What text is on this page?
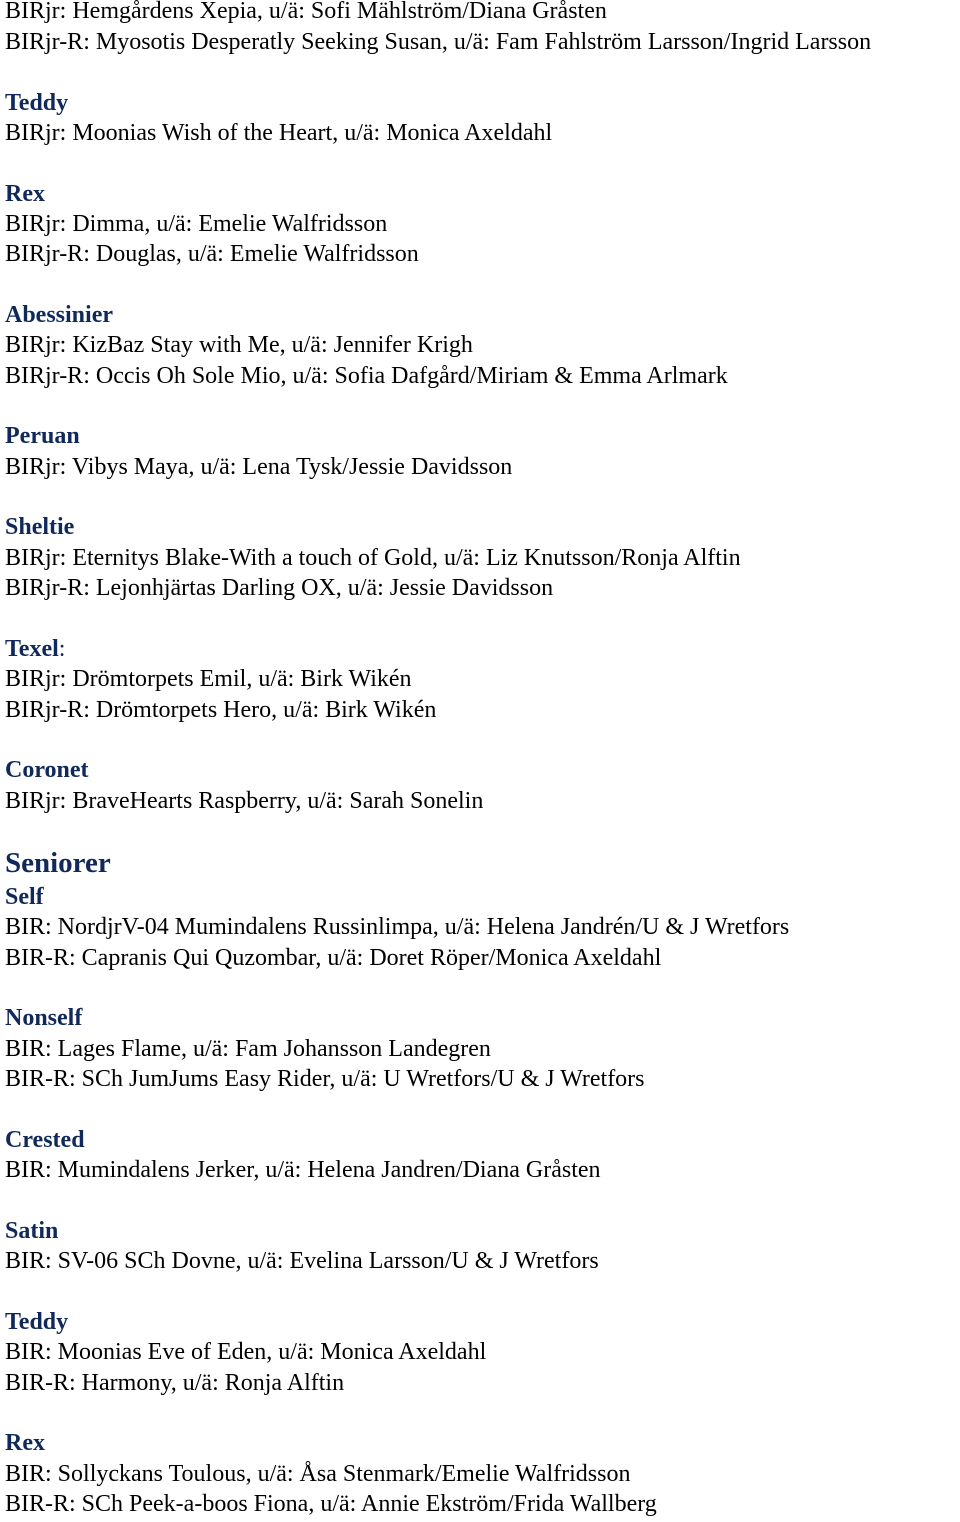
BIRjr: Hemgårdens Xepia, u/ä: Sofi Mählström/Diana Gråsten
BIRjr-R: Myosotis Desperatly Seeking Susan, u/ä: Fam Fahlström Larsson/Ingrid Larsson
Teddy
BIRjr: Moonias Wish of the Heart, u/ä: Monica Axeldahl
Rex
BIRjr: Dimma, u/ä: Emelie Walfridsson
BIRjr-R: Douglas, u/ä: Emelie Walfridsson
Abessinier
BIRjr: KizBaz Stay with Me, u/ä: Jennifer Krigh
BIRjr-R: Occis Oh Sole Mio, u/ä: Sofia Dafgård/Miriam & Emma Arlmark
Peruan
BIRjr: Vibys Maya, u/ä: Lena Tysk/Jessie Davidsson
Sheltie
BIRjr: Eternitys Blake-With a touch of Gold, u/ä: Liz Knutsson/Ronja Alftin
BIRjr-R: Lejonhjärtas Darling OX, u/ä: Jessie Davidsson
Texel:
BIRjr: Drömtorpets Emil, u/ä: Birk Wikén
BIRjr-R: Drömtorpets Hero, u/ä: Birk Wikén
Coronet
BIRjr: BraveHearts Raspberry, u/ä: Sarah Sonelin
Seniorer
Self
BIR: NordjrV-04 Mumindalens Russinlimpa, u/ä: Helena Jandrén/U & J Wretfors
BIR-R: Capranis Qui Quzombar, u/ä: Doret Röper/Monica Axeldahl
Nonself
BIR: Lages Flame, u/ä: Fam Johansson Landegren
BIR-R: SCh JumJums Easy Rider, u/ä: U Wretfors/U & J Wretfors
Crested
BIR: Mumindalens Jerker, u/ä: Helena Jandren/Diana Gråsten
Satin
BIR: SV-06 SCh Dovne, u/ä: Evelina Larsson/U & J Wretfors
Teddy
BIR: Moonias Eve of Eden, u/ä: Monica Axeldahl
BIR-R: Harmony, u/ä: Ronja Alftin
Rex
BIR: Sollyckans Toulous, u/ä: Åsa Stenmark/Emelie Walfridsson
BIR-R: SCh Peek-a-boos Fiona, u/ä: Annie Ekström/Frida Wallberg
